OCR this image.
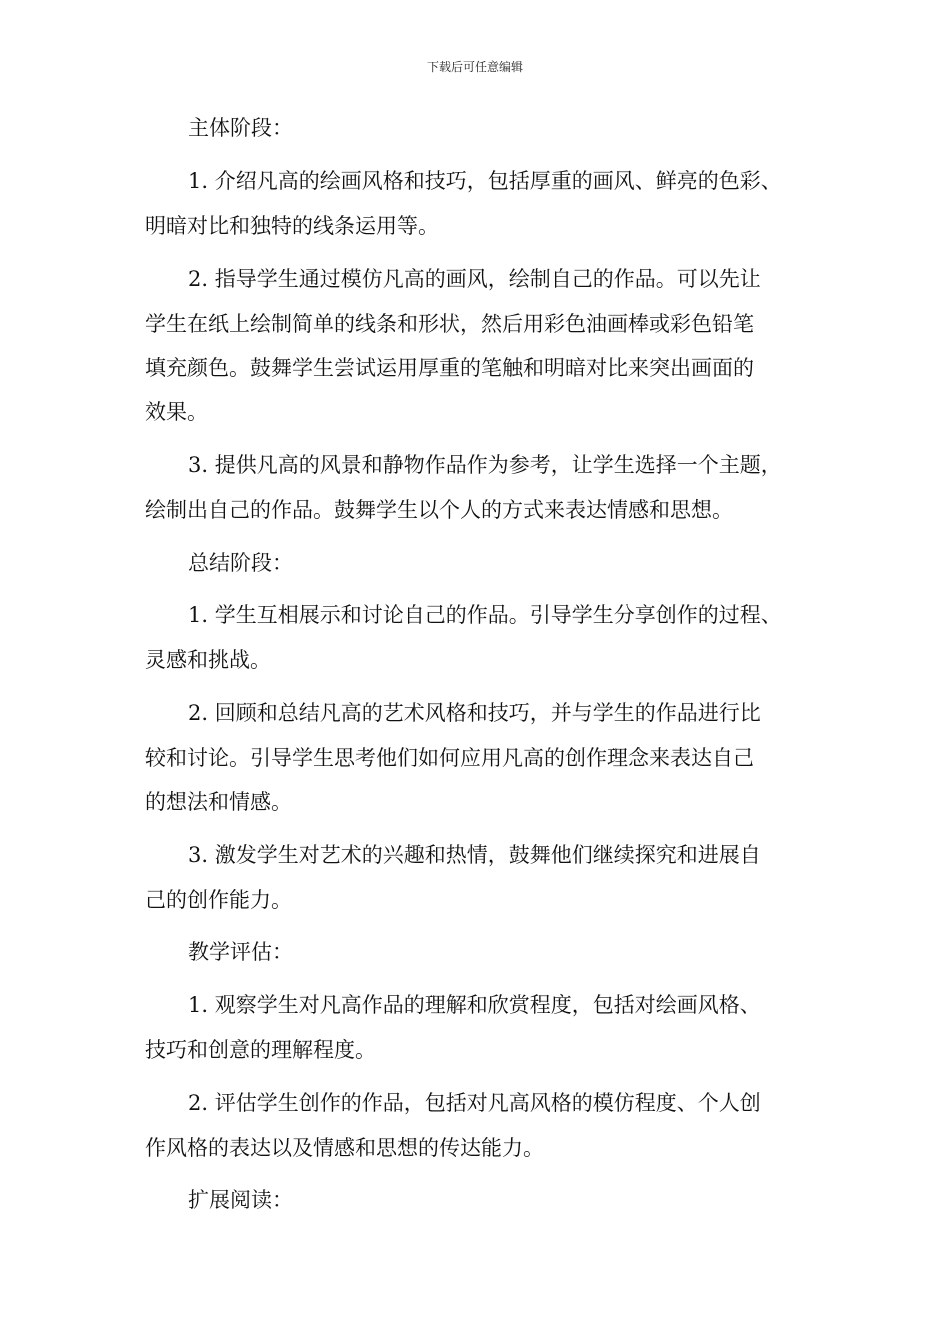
下载后可任意编辑
主体阶段：
1. 介绍凡高的绘画风格和技巧，包括厚重的画风、鲜亮的色彩、
明暗对比和独特的线条运用等。
2. 指导学生通过模仿凡高的画风，绘制自己的作品。可以先让
学生在纸上绘制简单的线条和形状，然后用彩色油画棒或彩色铅笔
填充颜色。鼓舞学生尝试运用厚重的笔触和明暗对比来突出画面的
效果。
3. 提供凡高的风景和静物作品作为参考，让学生选择一个主题，
绘制出自己的作品。鼓舞学生以个人的方式来表达情感和思想。
总结阶段：
1. 学生互相展示和讨论自己的作品。引导学生分享创作的过程、
灵感和挑战。
2. 回顾和总结凡高的艺术风格和技巧，并与学生的作品进行比
较和讨论。引导学生思考他们如何应用凡高的创作理念来表达自己
的想法和情感。
3. 激发学生对艺术的兴趣和热情，鼓舞他们继续探究和进展自
己的创作能力。
教学评估：
1. 观察学生对凡高作品的理解和欣赏程度，包括对绘画风格、
技巧和创意的理解程度。
2. 评估学生创作的作品，包括对凡高风格的模仿程度、个人创
作风格的表达以及情感和思想的传达能力。
扩展阅读：
